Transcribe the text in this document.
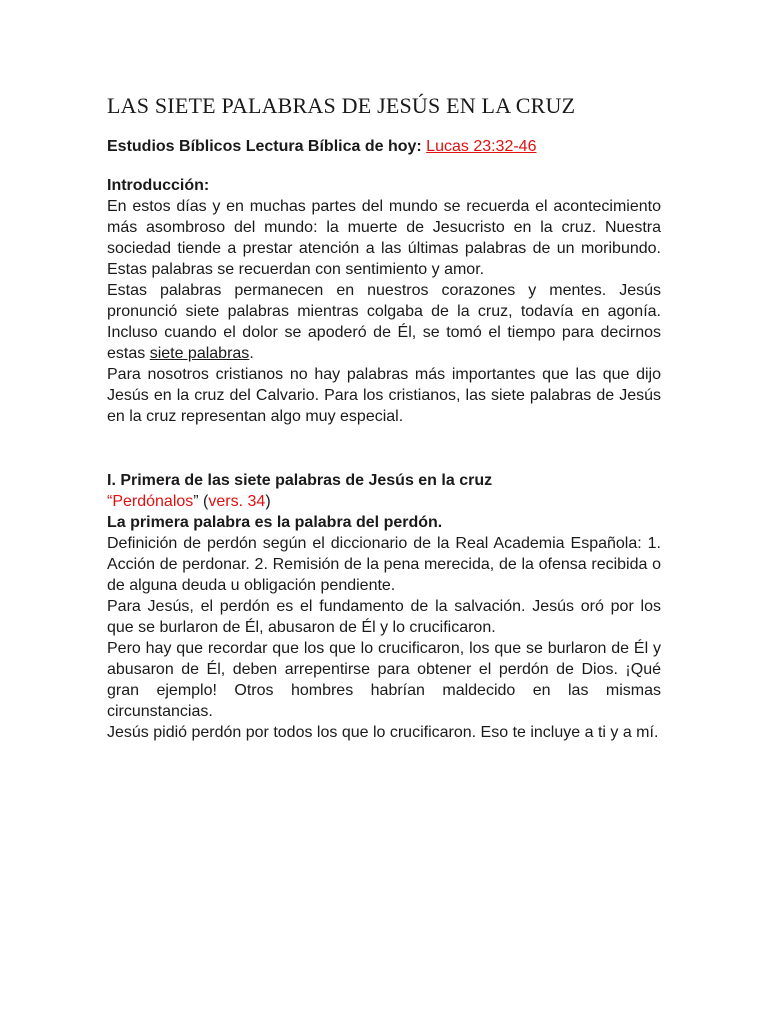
LAS SIETE PALABRAS DE JESÚS EN LA CRUZ
Estudios Bíblicos Lectura Bíblica de hoy: Lucas 23:32-46
Introducción:

En estos días y en muchas partes del mundo se recuerda el acontecimiento más asombroso del mundo: la muerte de Jesucristo en la cruz. Nuestra sociedad tiende a prestar atención a las últimas palabras de un moribundo. Estas palabras se recuerdan con sentimiento y amor.

Estas palabras permanecen en nuestros corazones y mentes. Jesús pronunció siete palabras mientras colgaba de la cruz, todavía en agonía. Incluso cuando el dolor se apoderó de Él, se tomó el tiempo para decirnos estas siete palabras.

Para nosotros cristianos no hay palabras más importantes que las que dijo Jesús en la cruz del Calvario. Para los cristianos, las siete palabras de Jesús en la cruz representan algo muy especial.

I. Primera de las siete palabras de Jesús en la cruz
“Perdónalos” (vers. 34)
La primera palabra es la palabra del perdón.

Definición de perdón según el diccionario de la Real Academia Española: 1. Acción de perdonar. 2. Remisión de la pena merecida, de la ofensa recibida o de alguna deuda u obligación pendiente.

Para Jesús, el perdón es el fundamento de la salvación. Jesús oró por los que se burlaron de Él, abusaron de Él y lo crucificaron.

Pero hay que recordar que los que lo crucificaron, los que se burlaron de Él y abusaron de Él, deben arrepentirse para obtener el perdón de Dios. ¡Qué gran ejemplo! Otros hombres habrían maldecido en las mismas circunstancias.

Jesús pidió perdón por todos los que lo crucificaron. Eso te incluye a ti y a mí.
